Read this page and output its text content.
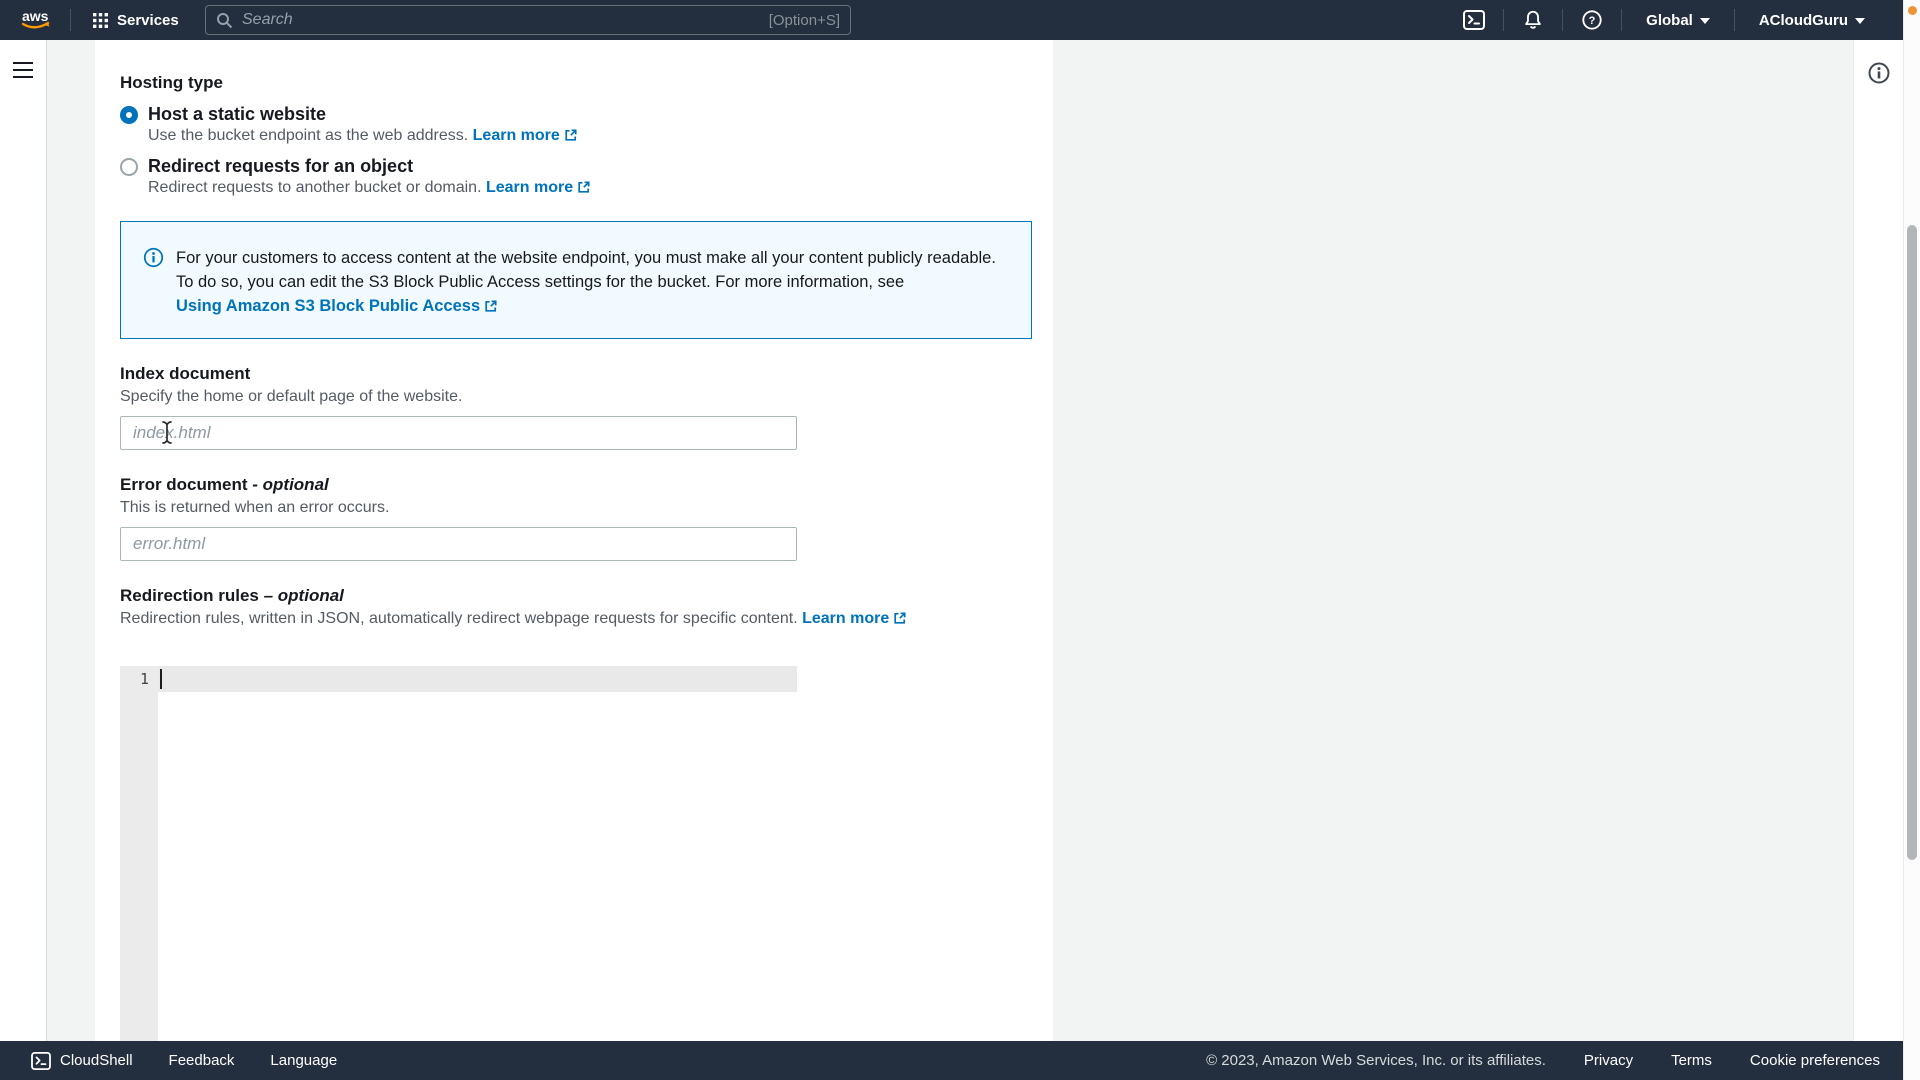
aws	Services	Search	[Option+S]	?	Global	ACloudGuru
Hosting type
Host a static website
Use the bucket endpoint as the web address. Learn more
Redirect requests for an object
Redirect requests to another bucket or domain. Learn more
For your customers to access content at the website endpoint, you must make all your content publicly readable. To do so, you can edit the S3 Block Public Access settings for the bucket. For more information, see Using Amazon S3 Block Public Access
Index document
Specify the home or default page of the website.
index.html
Error document - optional
This is returned when an error occurs.
error.html
Redirection rules – optional
Redirection rules, written in JSON, automatically redirect webpage requests for specific content. Learn more
1
CloudShell Feedback Language	© 2023, Amazon Web Services, Inc. or its affiliates.	Privacy	Terms	Cookie preferences
